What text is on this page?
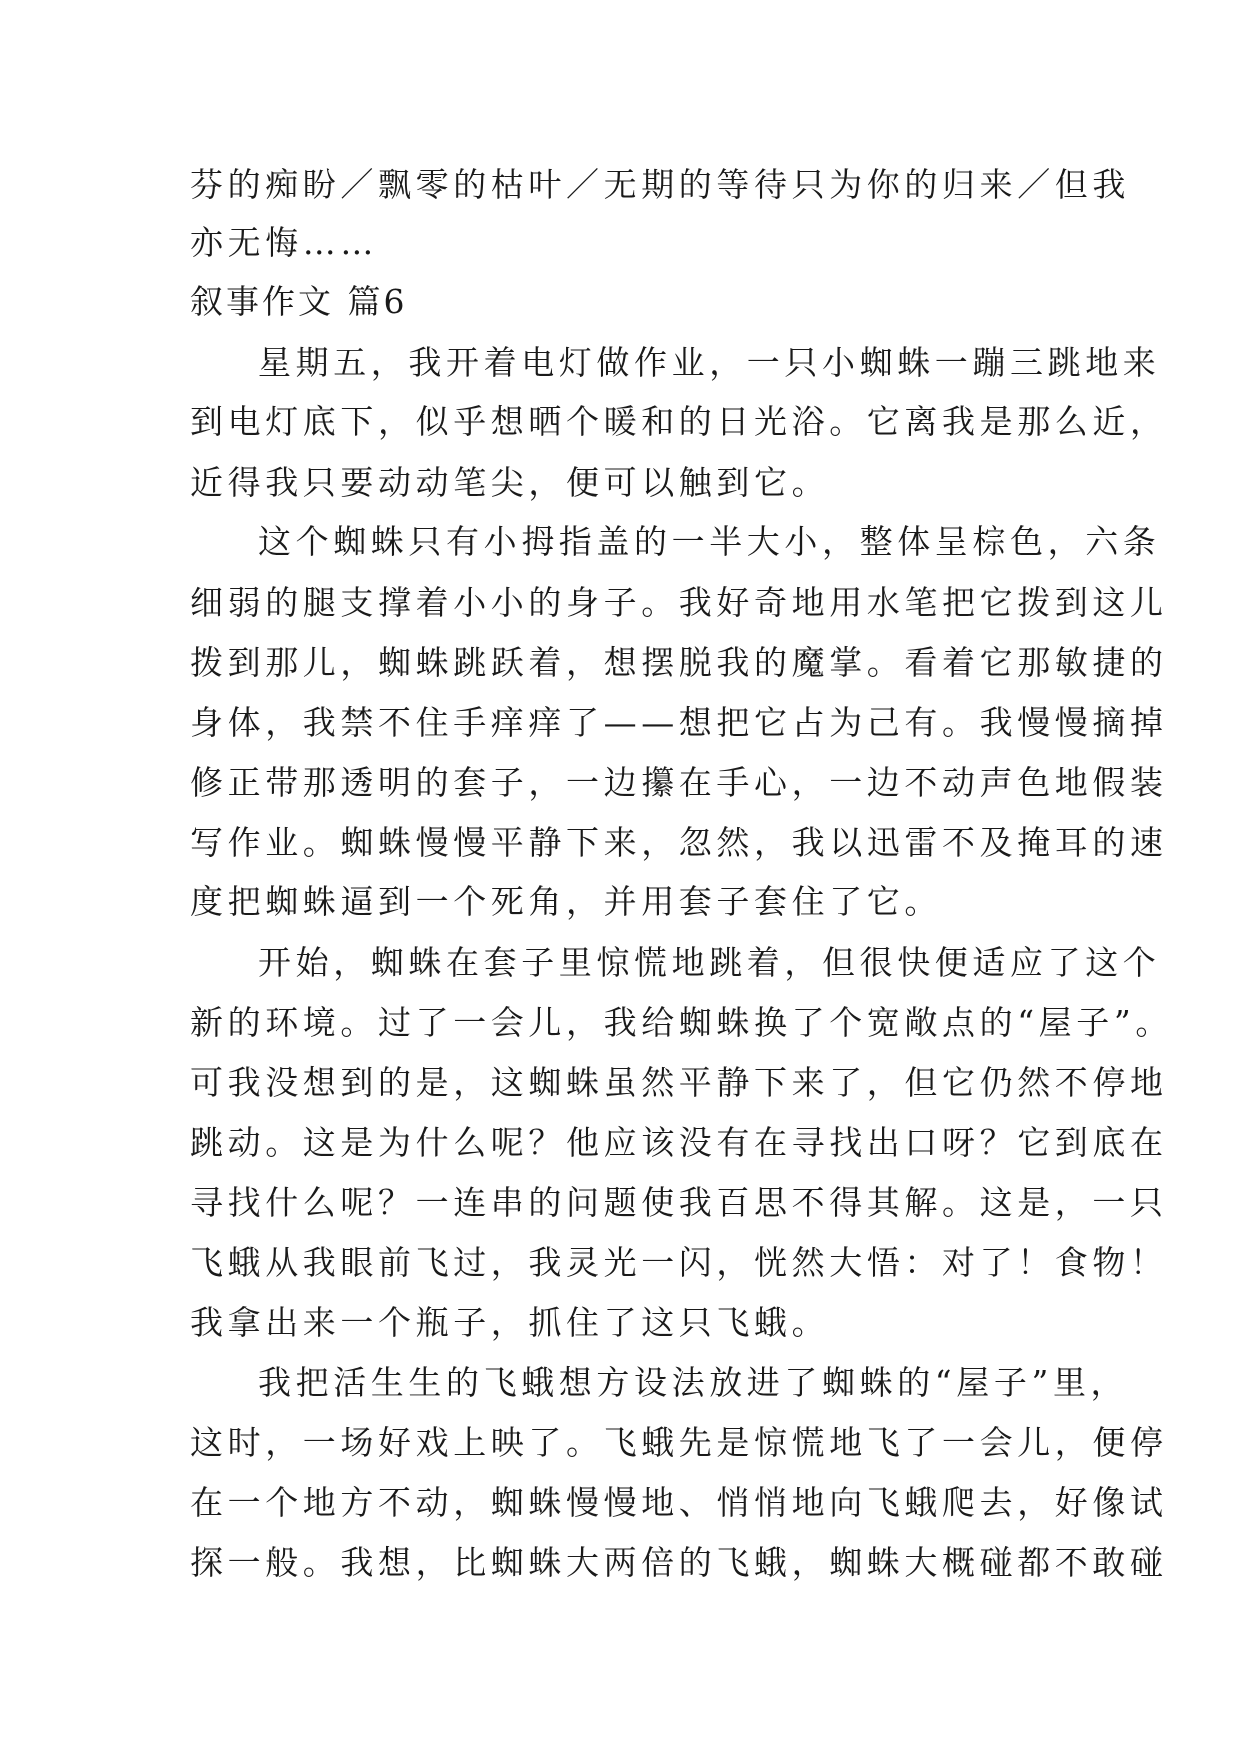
芬的痴盼／飘零的枯叶／无期的等待只为你的归来／但我
亦无悔……
叙事作文 篇6
星期五，我开着电灯做作业，一只小蜘蛛一蹦三跳地来
到电灯底下，似乎想晒个暖和的日光浴。它离我是那么近，
近得我只要动动笔尖，便可以触到它。
这个蜘蛛只有小拇指盖的一半大小，整体呈棕色，六条
细弱的腿支撑着小小的身子。我好奇地用水笔把它拨到这儿
拨到那儿，蜘蛛跳跃着，想摆脱我的魔掌。看着它那敏捷的
身体，我禁不住手痒痒了——想把它占为己有。我慢慢摘掉
修正带那透明的套子，一边攥在手心，一边不动声色地假装
写作业。蜘蛛慢慢平静下来，忽然，我以迅雷不及掩耳的速
度把蜘蛛逼到一个死角，并用套子套住了它。
开始，蜘蛛在套子里惊慌地跳着，但很快便适应了这个
新的环境。过了一会儿，我给蜘蛛换了个宽敞点的“屋子”。
可我没想到的是，这蜘蛛虽然平静下来了，但它仍然不停地
跳动。这是为什么呢？他应该没有在寻找出口呀？它到底在
寻找什么呢？一连串的问题使我百思不得其解。这是，一只
飞蛾从我眼前飞过，我灵光一闪，恍然大悟：对了！食物！
我拿出来一个瓶子，抓住了这只飞蛾。
我把活生生的飞蛾想方设法放进了蜘蛛的“屋子”里，
这时，一场好戏上映了。飞蛾先是惊慌地飞了一会儿，便停
在一个地方不动，蜘蛛慢慢地、悄悄地向飞蛾爬去，好像试
探一般。我想，比蜘蛛大两倍的飞蛾，蜘蛛大概碰都不敢碰
